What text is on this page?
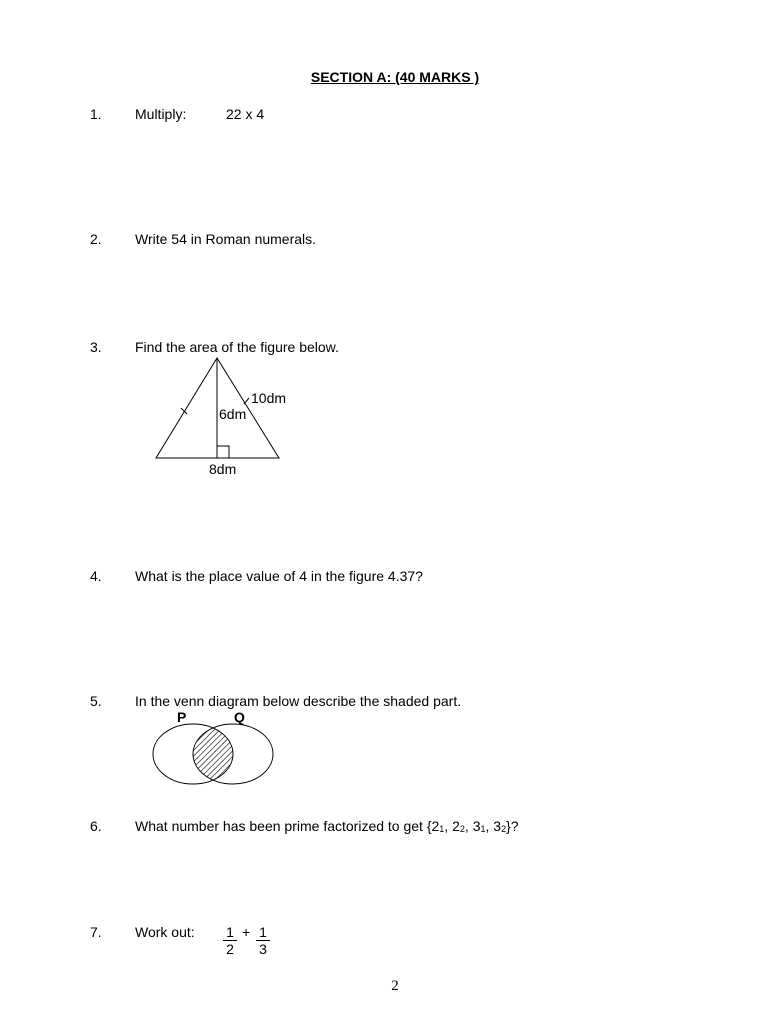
SECTION A: (40 MARKS )
1. Multiply:	22 x 4
2. Write 54 in Roman numerals.
3. Find the area of the figure below.
10dm
6dm
8dm
4. What is the place value of 4 in the figure 4.37?
5. In the venn diagram below describe the shaded part.
P	Q
6. What number has been prime factorized to get {$2_1$, $2_2$, $3_1$, $3_2$}?
7. Work out: $\frac{1}{2} + \frac{1}{3}$
2
